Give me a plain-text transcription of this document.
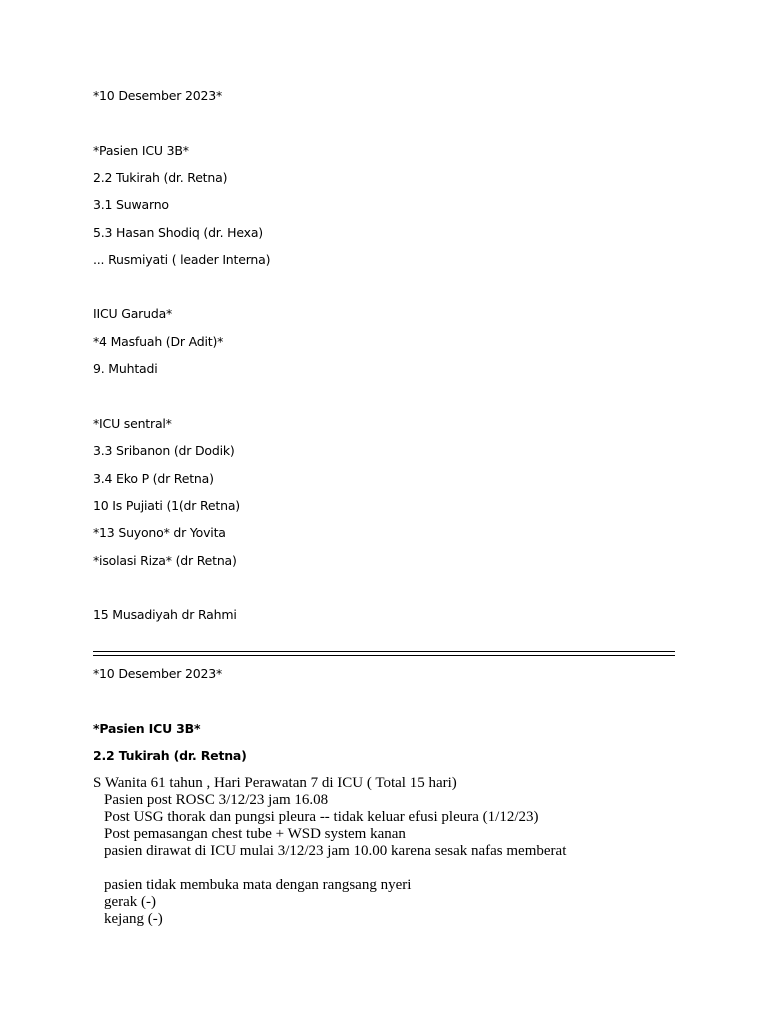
*10 Desember 2023*
*Pasien ICU 3B*
2.2 Tukirah (dr. Retna)
3.1 Suwarno
5.3 Hasan Shodiq (dr. Hexa)
... Rusmiyati ( leader Interna)
IICU Garuda*
*4 Masfuah (Dr Adit)*
9. Muhtadi
*ICU sentral*
3.3 Sribanon (dr Dodik)
3.4 Eko P (dr Retna)
10 Is Pujiati (1(dr Retna)
*13 Suyono* dr Yovita
*isolasi Riza* (dr Retna)
15 Musadiyah dr Rahmi
*10 Desember 2023*
*Pasien ICU 3B*
2.2 Tukirah (dr. Retna)
S Wanita 61 tahun , Hari Perawatan 7 di ICU ( Total 15 hari)
Pasien post ROSC 3/12/23 jam 16.08
Post USG thorak dan pungsi pleura -- tidak keluar efusi pleura (1/12/23)
Post pemasangan chest tube + WSD system kanan
pasien dirawat di ICU mulai 3/12/23 jam 10.00 karena sesak nafas memberat
pasien tidak membuka mata dengan rangsang nyeri
gerak (-)
kejang (-)
